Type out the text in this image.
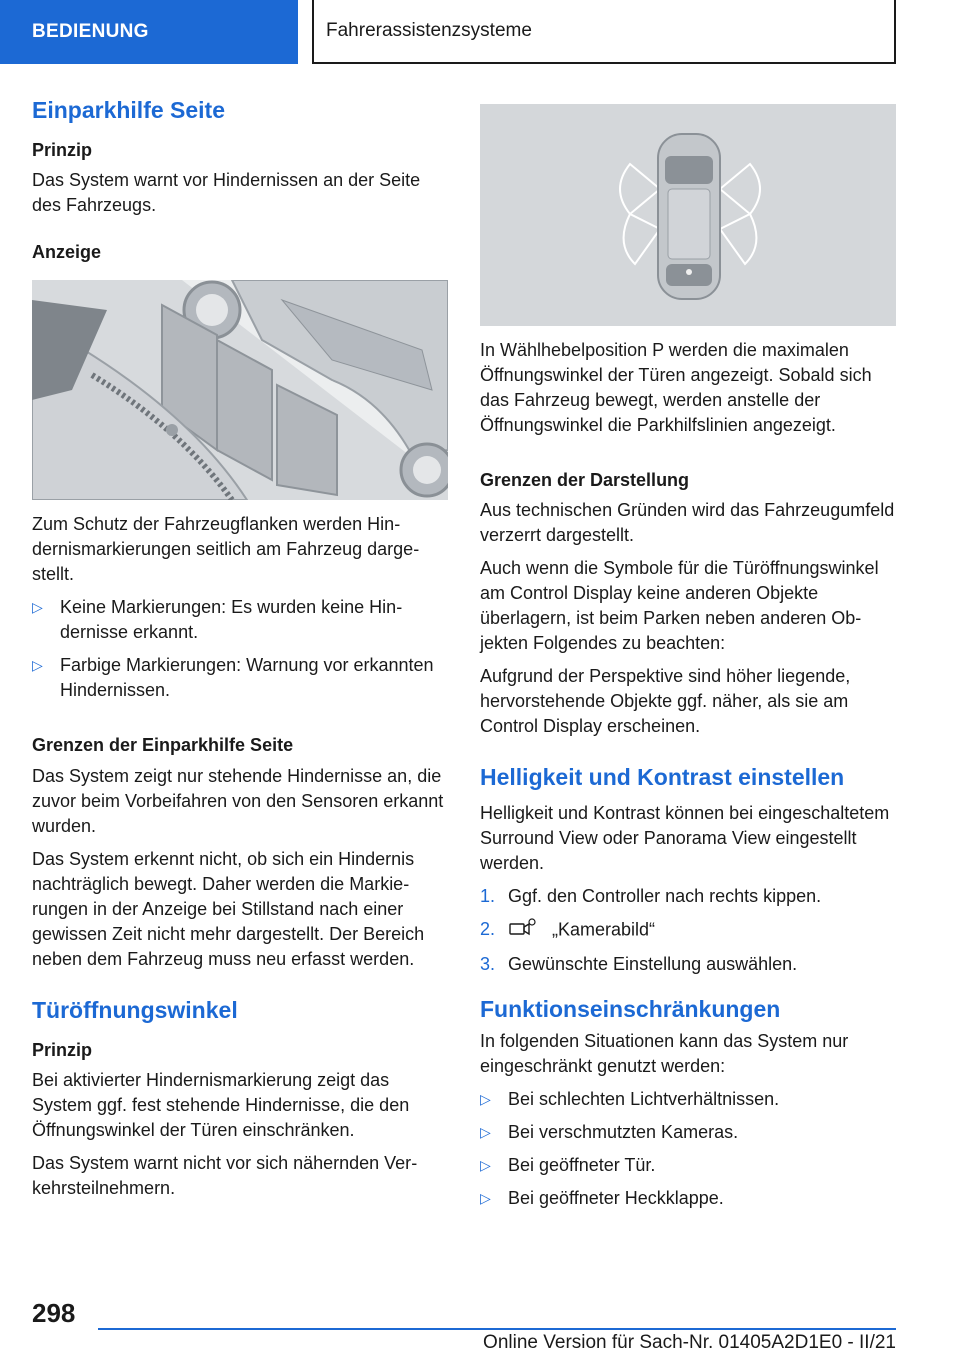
BEDIENUNG	Fahrerassistenzsysteme
Einparkhilfe Seite
Prinzip

Das System warnt vor Hindernissen an der Seite des Fahrzeugs.

Anzeige

Zum Schutz der Fahrzeugflanken werden Hindernismarkierungen seitlich am Fahrzeug dargestellt.

▷ Keine Markierungen: Es wurden keine Hindernisse erkannt.
▷ Farbige Markierungen: Warnung vor erkannten Hindernissen.
Grenzen der Einparkhilfe Seite

Das System zeigt nur stehende Hindernisse an, die zuvor beim Vorbeifahren von den Sensoren erkannt wurden.

Das System erkennt nicht, ob sich ein Hindernis nachträglich bewegt. Daher werden die Markierungen in der Anzeige bei Stillstand nach einer gewissen Zeit nicht mehr dargestellt. Der Bereich neben dem Fahrzeug muss neu erfasst werden.

Türöffnungswinkel
Prinzip

Bei aktivierter Hindernismarkierung zeigt das System ggf. fest stehende Hindernisse, die den Öffnungswinkel der Türen einschränken.

Das System warnt nicht vor sich nähernden Verkehrsteilnehmern.

In Wählhebelposition P werden die maximalen Öffnungswinkel der Türen angezeigt. Sobald sich das Fahrzeug bewegt, werden anstelle der Öffnungswinkel die Parkhilfslinien angezeigt.

Grenzen der Darstellung

Aus technischen Gründen wird das Fahrzeugumfeld verzerrt dargestellt.

Auch wenn die Symbole für die Türöffnungswinkel am Control Display keine anderen Objekte überlagern, ist beim Parken neben anderen Objekten Folgendes zu beachten:

Aufgrund der Perspektive sind höher liegende, hervorstehende Objekte ggf. näher, als sie am Control Display erscheinen.

Helligkeit und Kontrast einstellen

Helligkeit und Kontrast können bei eingeschaltetem Surround View oder Panorama View eingestellt werden.

1. Ggf. den Controller nach rechts kippen.
2.	„Kamerabild“
3. Gewünschte Einstellung auswählen.
Funktionseinschränkungen

In folgenden Situationen kann das System nur eingeschränkt genutzt werden:

▷ Bei schlechten Lichtverhältnissen.
▷ Bei verschmutzten Kameras.
▷ Bei geöffneter Tür.
▷ Bei geöffneter Heckklappe.
298
Online Version für Sach-Nr. 01405A2D1E0 - II/21
